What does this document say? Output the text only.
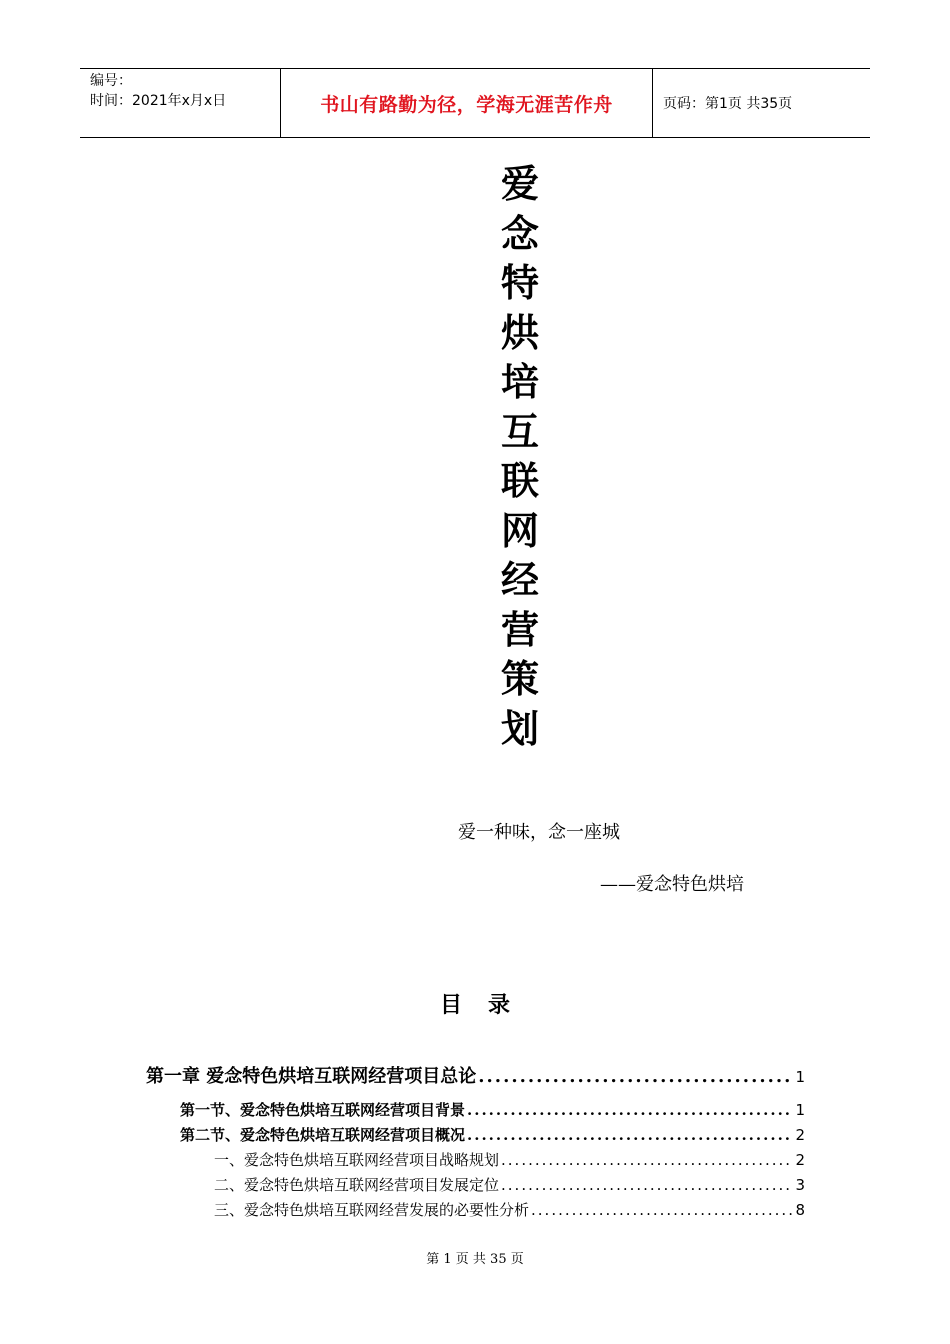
编号：
时间：2021年x月x日	书山有路勤为径，学海无涯苦作舟	页码：第1页 共35页
爱
念
特
烘
培
互
联
网
经
营
策
划
爱一种味，念一座城
——爱念特色烘培
目录
第一章 爱念特色烘培互联网经营项目总论 .....	1
第一节、爱念特色烘培互联网经营项目背景 .....	1
第二节、爱念特色烘培互联网经营项目概况 .....	2
一、爱念特色烘培互联网经营项目战略规划 .....	2
二、爱念特色烘培互联网经营项目发展定位 .....	3
三、爱念特色烘培互联网经营发展的必要性分析 .....	8
第 1 页 共 35 页
